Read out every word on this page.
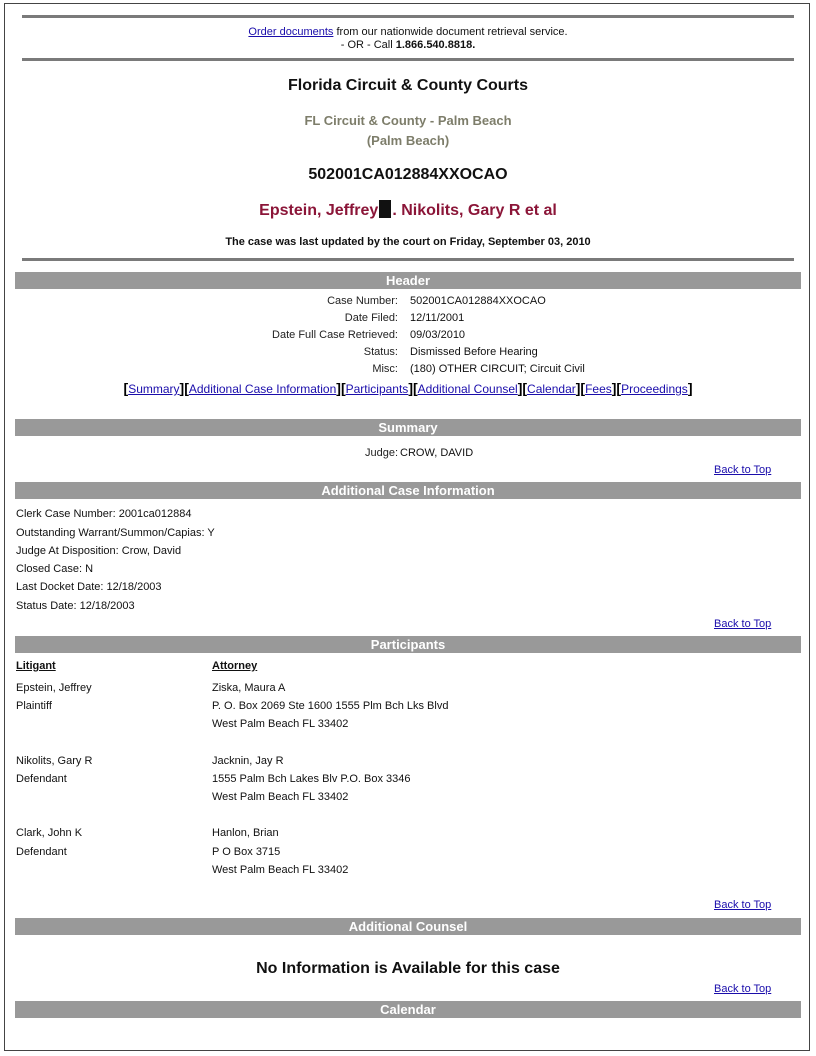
Order documents from our nationwide document retrieval service.
- OR - Call 1.866.540.8818.
Florida Circuit & County Courts
FL Circuit & County - Palm Beach
(Palm Beach)
502001CA012884XXOCAO
Epstein, Jeffrey . Nikolits, Gary R et al
The case was last updated by the court on Friday, September 03, 2010
Header
Case Number: 502001CA012884XXOCAO
Date Filed: 12/11/2001
Date Full Case Retrieved: 09/03/2010
Status: Dismissed Before Hearing
Misc: (180) OTHER CIRCUIT; Circuit Civil
[Summary][Additional Case Information][Participants][Additional Counsel][Calendar][Fees][Proceedings]
Summary
Judge: CROW, DAVID
Back to Top
Additional Case Information
Clerk Case Number: 2001ca012884
Outstanding Warrant/Summon/Capias: Y
Judge At Disposition: Crow, David
Closed Case: N
Last Docket Date: 12/18/2003
Status Date: 12/18/2003
Back to Top
Participants
Litigant	Attorney
Epstein, Jeffrey
Plaintiff
Ziska, Maura A
P. O. Box 2069 Ste 1600 1555 Plm Bch Lks Blvd
West Palm Beach FL 33402
Nikolits, Gary R
Defendant
Jacknin, Jay R
1555 Palm Bch Lakes Blv P.O. Box 3346
West Palm Beach FL 33402
Clark, John K
Defendant
Hanlon, Brian
P O Box 3715
West Palm Beach FL 33402
Back to Top
Additional Counsel
No Information is Available for this case
Back to Top
Calendar
